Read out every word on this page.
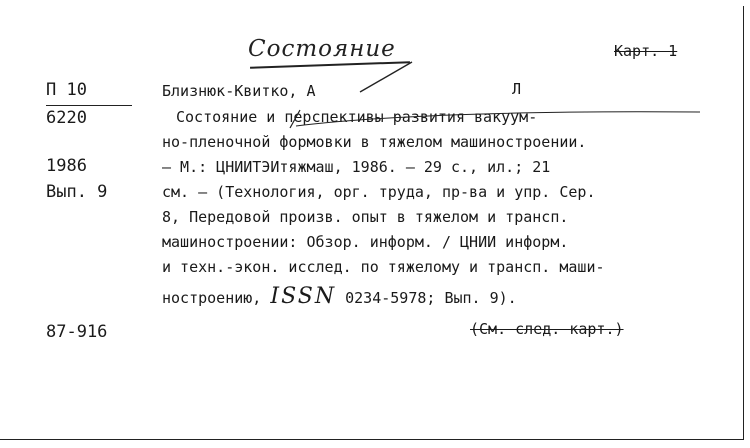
Состояние	Карт. 1
П 10
6220
1986
Вып. 9
87-916
Близнюк-Квитко, А	Л
Состояние и перспективы развития вакуум-
но-пленочной формовки в тяжелом машиностроении.
– М.: ЦНИИТЭИтяжмаш, 1986. – 29 с., ил.; 21
см. – (Технология, орг. труда, пр-ва и упр. Сер.
8, Передовой произв. опыт в тяжелом и трансп.
машиностроении: Обзор. информ. / ЦНИИ информ.
и техн.-экон. исслед. по тяжелому и трансп. маши-
ностроению, ISSN 0234-5978; Вып. 9).
(См. след. карт.)
